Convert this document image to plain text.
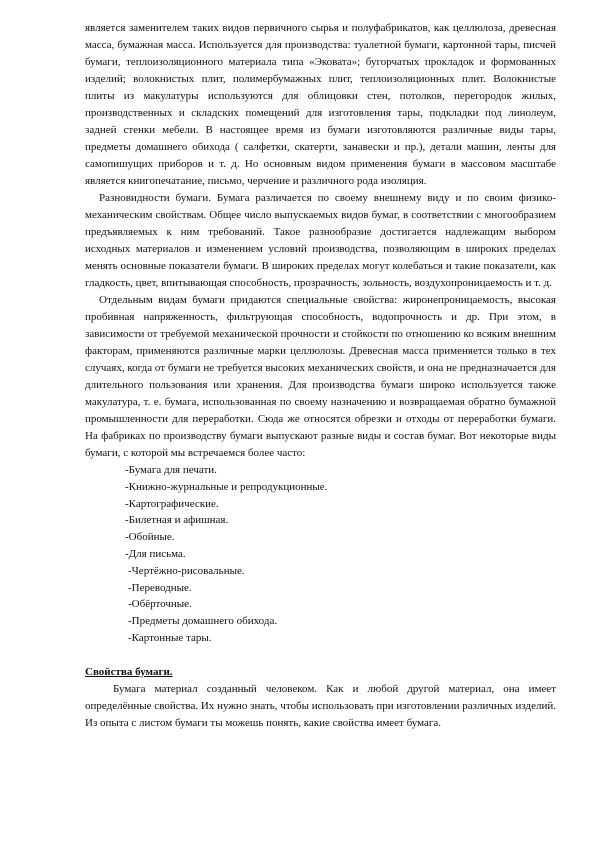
является заменителем таких видов первичного сырья и полуфабрикатов, как целлюлоза, древесная масса, бумажная масса. Используется для производства: туалетной бумаги, картонной тары, писчей бумаги, теплоизоляционного материала типа «Эковата»; бугорчатых прокладок и формованных изделий; волокнистых плит, полимербумажных плит, теплоизоляционных плит. Волокнистые плиты из макулатуры используются для облицовки стен, потолков, перегородок жилых, производственных и складских помещений для изготовления тары, подкладки под линолеум, задней стенки мебели. В настоящее время из бумаги изготовляются различные виды тары, предметы домашнего обихода ( салфетки, скатерти, занавески и пр.), детали машин, ленты для самопишущих приборов и т. д. Но основным видом применения бумаги в массовом масштабе является книгопечатание, письмо, черчение и различного рода изоляция.

Разновидности бумаги. Бумага различается по своему внешнему виду и по своим физико-механическим свойствам. Общее число выпускаемых видов бумаг, в соответствии с многообразием предъявляемых к ним требований. Такое разнообразие достигается надлежащим выбором исходных материалов и изменением условий производства, позволяющим в широких пределах менять основные показатели бумаги. В широких пределах могут колебаться и такие показатели, как гладкость, цвет, впитывающая способность, прозрачность, зольность, воздухопроницаемость и т. д.

Отдельным видам бумаги придаются специальные свойства: жиронепроницаемость, высокая пробивная напряженность, фильтрующая способность, водопрочность и др. При этом, в зависимости от требуемой механической прочности и стойкости по отношению ко всяким внешним факторам, применяются различные марки целлюлозы. Древесная масса применяется только в тех случаях, когда от бумаги не требуется высоких механических свойств, и она не предназначается для длительного пользования или хранения. Для производства бумаги широко используется также макулатура, т. е. бумага, использованная по своему назначению и возвращаемая обратно бумажной промышленности для переработки. Сюда же относятся обрезки и отходы от переработки бумаги. На фабриках по производству бумаги выпускают разные виды и состав бумаг. Вот некоторые виды бумаги, с которой мы встречаемся более часто:

-Бумага для печати.
-Книжно-журнальные и репродукционные.
-Картографические.
-Билетная и афишная.
-Обойные.
-Для письма.
-Чертёжно-рисовальные.
-Переводные.
-Обёрточные.
-Предметы домашнего обихода.
-Картонные тары.

Свойства бумаги.

Бумага материал созданный человеком. Как и любой другой материал, она имеет определённые свойства. Их нужно знать, чтобы использовать при изготовлении различных изделий. Из опыта с листом бумаги ты можешь понять, какие свойства имеет бумага.
